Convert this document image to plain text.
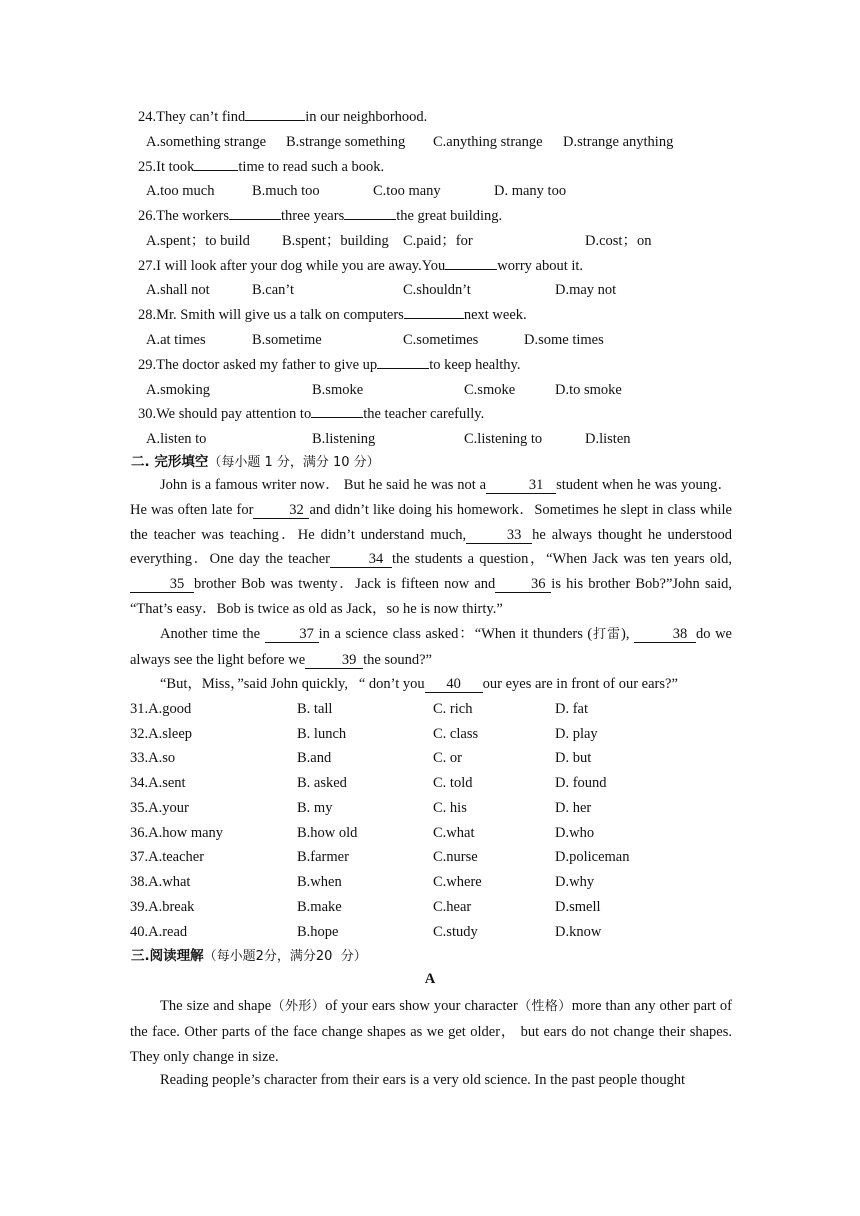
24.They can’t find	in our neighborhood.
A.something strange B.strange something C.anything strange D.strange anything
25.It took	time to read such a book.
A.too much	B.much too	C.too many	D. many too
26.The workers	three years	the great building.
A.spent；to build B.spent；building C.paid；for	D.cost；on
27.I will look after your dog while you are away.You	worry about it.
A.shall not	B.can’t	C.shouldn’t	D.may not
28.Mr. Smith will give us a talk on computers	next week.
A.at times	B.sometime	C.sometimes	D.some times
29.The doctor asked my father to give up	to keep healthy.
A.smoking	B.smoke	C.smoke	D.to smoke
30.We should pay attention to	the teacher carefully.
A.listen to	B.listening	C.listening to	D.listen
二. 完形填空（每小题 1 分，满分 10 分）
John is a famous writer now． But he said he was not a	31 student when he was young．He was often late for 32 and didn’t like doing his homework．Sometimes he slept in class while the teacher was teaching．He didn’t understand much,	33 he always thought he understood everything．One day the teacher	34 the students a question，“When Jack was ten years old, 35 brother Bob was twenty．Jack is fifteen now and 36 is his brother Bob?”John said, “That’s easy．Bob is twice as old as Jack，so he is now thirty.”
Another time the	37 in a science class asked：“When it thunders (打雷),	38 do we always see the light before we	39 the sound?”
“But，Miss，”said John quickly,   “ don’t you 40 our eyes are in front of our ears?”
31.A.good	B. tall	C. rich	D. fat
32.A.sleep	B. lunch	C. class	D. play
33.A.so	B.and	C. or	D. but
34.A.sent	B. asked	C. told	D. found
35.A.your	B. my	C. his	D. her
36.A.how many	B.how old	C.what	D.who
37.A.teacher	B.farmer	C.nurse	D.policeman
38.A.what	B.when	C.where	D.why
39.A.break	B.make	C.hear	D.smell
40.A.read	B.hope	C.study	D.know
三.阅读理解（每小题2分，满分20  分）
A
The size and shape（外形）of your ears show your character（性格）more than any other part of the face. Other parts of the face change shapes as we get older， but ears do not change their shapes. They only change in size.
Reading people’s character from their ears is a very old science. In the past people thought
